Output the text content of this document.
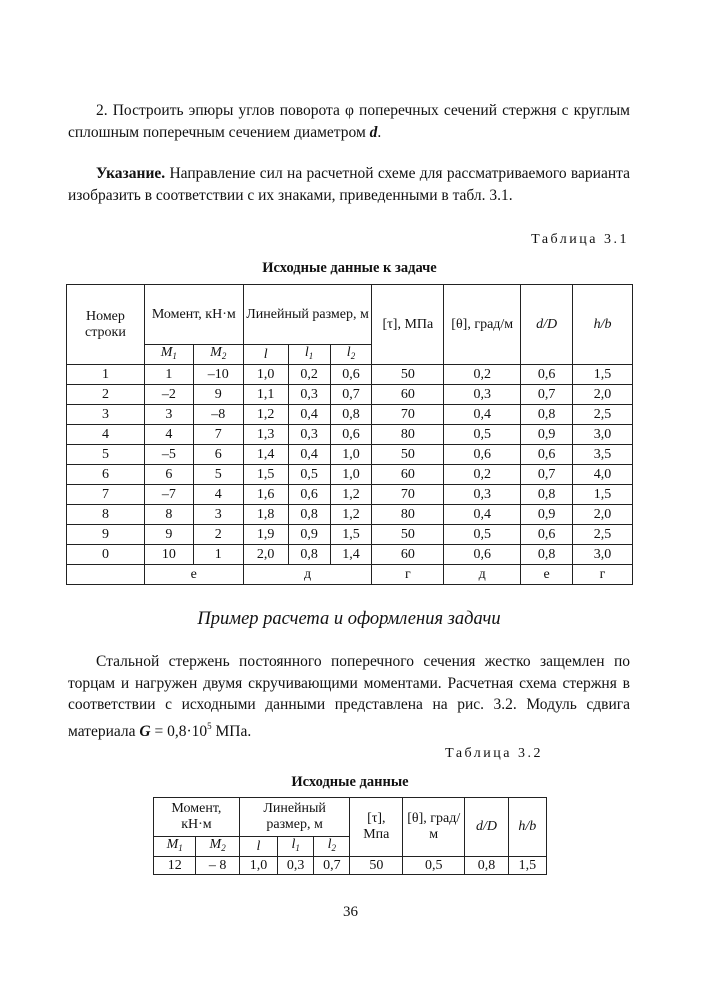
2. Построить эпюры углов поворота φ поперечных сечений стержня с круглым сплошным поперечным сечением диаметром d.

Указание. Направление сил на расчетной схеме для рассматриваемого варианта изобразить в соответствии с их знаками, приведенными в табл. 3.1.

Таблица 3.1

Исходные данные к задаче

Номер строки	Момент, кН·м		Линейный размер, м			[τ], МПа	[θ], град/м	d/D	h/b
	$M_1$	$M_2$	l	$l_1$	$l_2$
1	1	–10	1,0	0,2	0,6	50	0,2	0,6	1,5
2	–2	9	1,1	0,3	0,7	60	0,3	0,7	2,0
3	3	–8	1,2	0,4	0,8	70	0,4	0,8	2,5
4	4	7	1,3	0,3	0,6	80	0,5	0,9	3,0
5	–5	6	1,4	0,4	1,0	50	0,6	0,6	3,5
6	6	5	1,5	0,5	1,0	60	0,2	0,7	4,0
7	–7	4	1,6	0,6	1,2	70	0,3	0,8	1,5
8	8	3	1,8	0,8	1,2	80	0,4	0,9	2,0
9	9	2	1,9	0,9	1,5	50	0,5	0,6	2,5
0	10	1	2,0	0,8	1,4	60	0,6	0,8	3,0
	е		д			г	д	е	г

Пример расчета и оформления задачи

Стальной стержень постоянного поперечного сечения жестко защемлен по торцам и нагружен двумя скручивающими моментами. Расчетная схема стержня в соответствии с исходными данными представлена на рис. 3.2. Модуль сдвига материала $G = 0,8\cdot 10^5$ МПа.

Таблица 3.2

Исходные данные

Момент, кН·м		Линейный размер, м			[τ], Мпа	[θ], град/м	d/D	h/b
$M_1$	$M_2$	l	$l_1$	$l_2$
12	– 8	1,0	0,3	0,7	50	0,5	0,8	1,5

36
